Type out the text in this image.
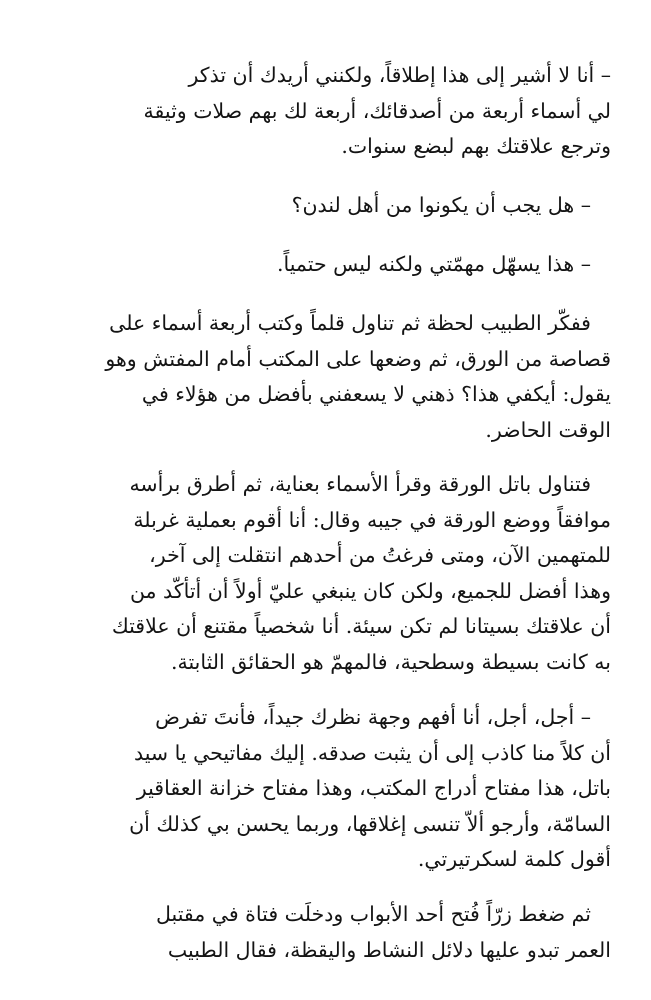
– أنا لا أشير إلى هذا إطلاقاً، ولكنني أريدك أن تذكر
لي أسماء أربعة من أصدقائك، أربعة لك بهم صلات وثيقة
وترجع علاقتك بهم لبضع سنوات.
– هل يجب أن يكونوا من أهل لندن؟
– هذا يسهّل مهمّتي ولكنه ليس حتمياً.
ففكّر الطبيب لحظة ثم تناول قلماً وكتب أربعة أسماء على
قصاصة من الورق، ثم وضعها على المكتب أمام المفتش وهو
يقول: أيكفي هذا؟ ذهني لا يسعفني بأفضل من هؤلاء في
الوقت الحاضر.
فتناول باتل الورقة وقرأ الأسماء بعناية، ثم أطرق برأسه
موافقاً ووضع الورقة في جيبه وقال: أنا أقوم بعملية غربلة
للمتهمين الآن، ومتى فرغتُ من أحدهم انتقلت إلى آخر،
وهذا أفضل للجميع، ولكن كان ينبغي عليّ أولاً أن أتأكّد من
أن علاقتك بسيتانا لم تكن سيئة. أنا شخصياً مقتنع أن علاقتك
به كانت بسيطة وسطحية، فالمهمّ هو الحقائق الثابتة.
– أجل، أجل، أنا أفهم وجهة نظرك جيداً، فأنتَ تفرض
أن كلاً منا كاذب إلى أن يثبت صدقه. إليك مفاتيحي يا سيد
باتل، هذا مفتاح أدراج المكتب، وهذا مفتاح خزانة العقاقير
السامّة، وأرجو ألاّ تنسى إغلاقها، وربما يحسن بي كذلك أن
أقول كلمة لسكرتيرتي.
ثم ضغط زرّاً فُتح أحد الأبواب ودخلَت فتاة في مقتبل
العمر تبدو عليها دلائل النشاط واليقظة، فقال الطبيب
